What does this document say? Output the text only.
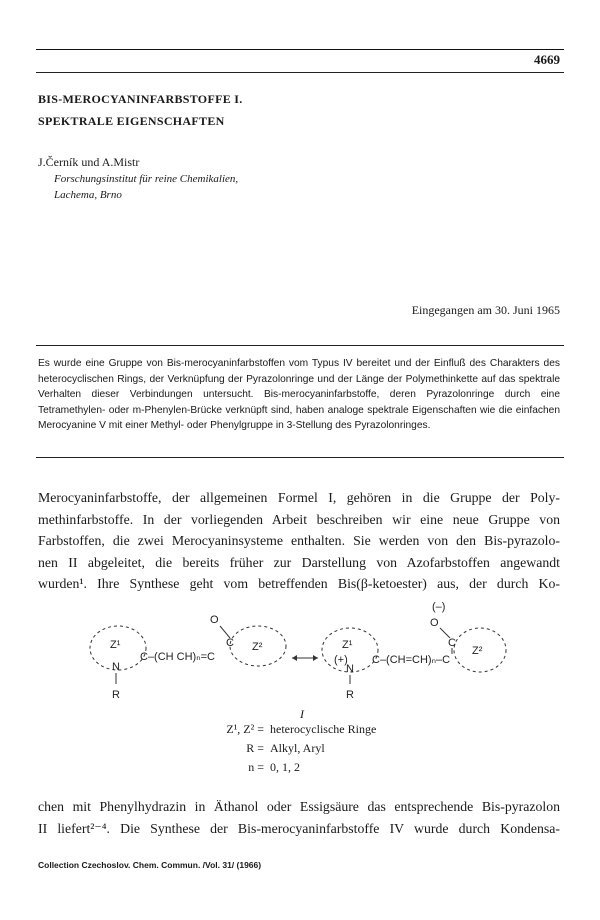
4669
BIS-MEROCYANINFARBSTOFFE I.
SPEKTRALE EIGENSCHAFTEN
J.Černík und A.Mistr
Forschungsinstitut für reine Chemikalien,
Lachema, Brno
Eingegangen am 30. Juni 1965
Es wurde eine Gruppe von Bis-merocyaninfarbstoffen vom Typus IV bereitet und der Einfluß des Charakters des heterocyclischen Rings, der Verknüpfung der Pyrazolonringe und der Länge der Polymethinkette auf das spektrale Verhalten dieser Verbindungen untersucht. Bis-merocyaninfarbstoffe, deren Pyrazolonringe durch eine Tetramethylen- oder m-Phenylen-Brücke verknüpft sind, haben analoge spektrale Eigenschaften wie die einfachen Merocyanine V mit einer Methyl- oder Phenylgruppe in 3-Stellung des Pyrazolonringes.
Merocyaninfarbstoffe, der allgemeinen Formel I, gehören in die Gruppe der Poly-
methinfarbstoffe. In der vorliegenden Arbeit beschreiben wir eine neue Gruppe von
Farbstoffen, die zwei Merocyaninsysteme enthalten. Sie werden von den Bis-pyrazolo-
nen II abgeleitet, die bereits früher zur Darstellung von Azofarbstoffen angewandt
wurden¹. Ihre Synthese geht vom betreffenden Bis(β-ketoester) aus, der durch Ko-
Z¹
N
R
C–(CH CH)ₙ=C
O
C Z²	Z¹
(+)
N
R
C–(CH=CH)ₙ–C
(–)
O
C
Z²
I
Z¹, Z² = heterocyclische Ringe
R = Alkyl, Aryl
n = 0, 1, 2
chen mit Phenylhydrazin in Äthanol oder Essigsäure das entsprechende Bis-pyrazolon
II liefert²⁻⁴. Die Synthese der Bis-merocyaninfarbstoffe IV wurde durch Kondensa-
Collection Czechoslov. Chem. Commun. /Vol. 31/ (1966)
